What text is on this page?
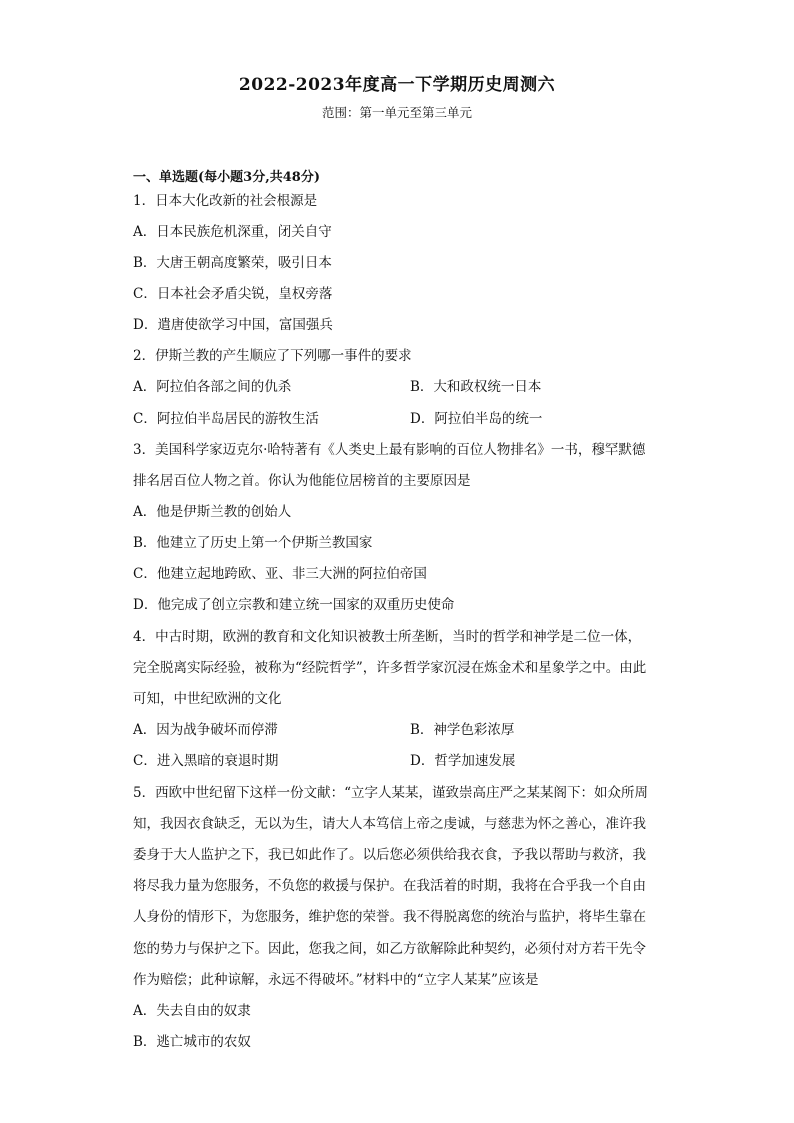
2022-2023年度高一下学期历史周测六
范围：第一单元至第三单元
一、单选题(每小题3分,共48分)
1．日本大化改新的社会根源是
A．日本民族危机深重，闭关自守
B．大唐王朝高度繁荣，吸引日本
C．日本社会矛盾尖锐，皇权旁落
D．遣唐使欲学习中国，富国强兵
2．伊斯兰教的产生顺应了下列哪一事件的要求
A．阿拉伯各部之间的仇杀	B．大和政权统一日本
C．阿拉伯半岛居民的游牧生活	D．阿拉伯半岛的统一
3．美国科学家迈克尔·哈特著有《人类史上最有影响的百位人物排名》一书，穆罕默德
排名居百位人物之首。你认为他能位居榜首的主要原因是
A．他是伊斯兰教的创始人
B．他建立了历史上第一个伊斯兰教国家
C．他建立起地跨欧、亚、非三大洲的阿拉伯帝国
D．他完成了创立宗教和建立统一国家的双重历史使命
4．中古时期，欧洲的教育和文化知识被教士所垄断，当时的哲学和神学是二位一体，
完全脱离实际经验，被称为“经院哲学”，许多哲学家沉浸在炼金术和星象学之中。由此
可知，中世纪欧洲的文化
A．因为战争破坏而停滞	B．神学色彩浓厚
C．进入黑暗的衰退时期	D．哲学加速发展
5．西欧中世纪留下这样一份文献：“立字人某某，谨致崇高庄严之某某阁下：如众所周
知，我因衣食缺乏，无以为生，请大人本笃信上帝之虔诚，与慈悲为怀之善心，准许我
委身于大人监护之下，我已如此作了。以后您必须供给我衣食，予我以帮助与救济，我
将尽我力量为您服务，不负您的救援与保护。在我活着的时期，我将在合乎我一个自由
人身份的情形下，为您服务，维护您的荣誉。我不得脱离您的统治与监护，将毕生靠在
您的势力与保护之下。因此，您我之间，如乙方欲解除此种契约，必须付对方若干先令
作为赔偿；此种谅解，永远不得破坏。”材料中的“立字人某某”应该是
A．失去自由的奴隶
B．逃亡城市的农奴
